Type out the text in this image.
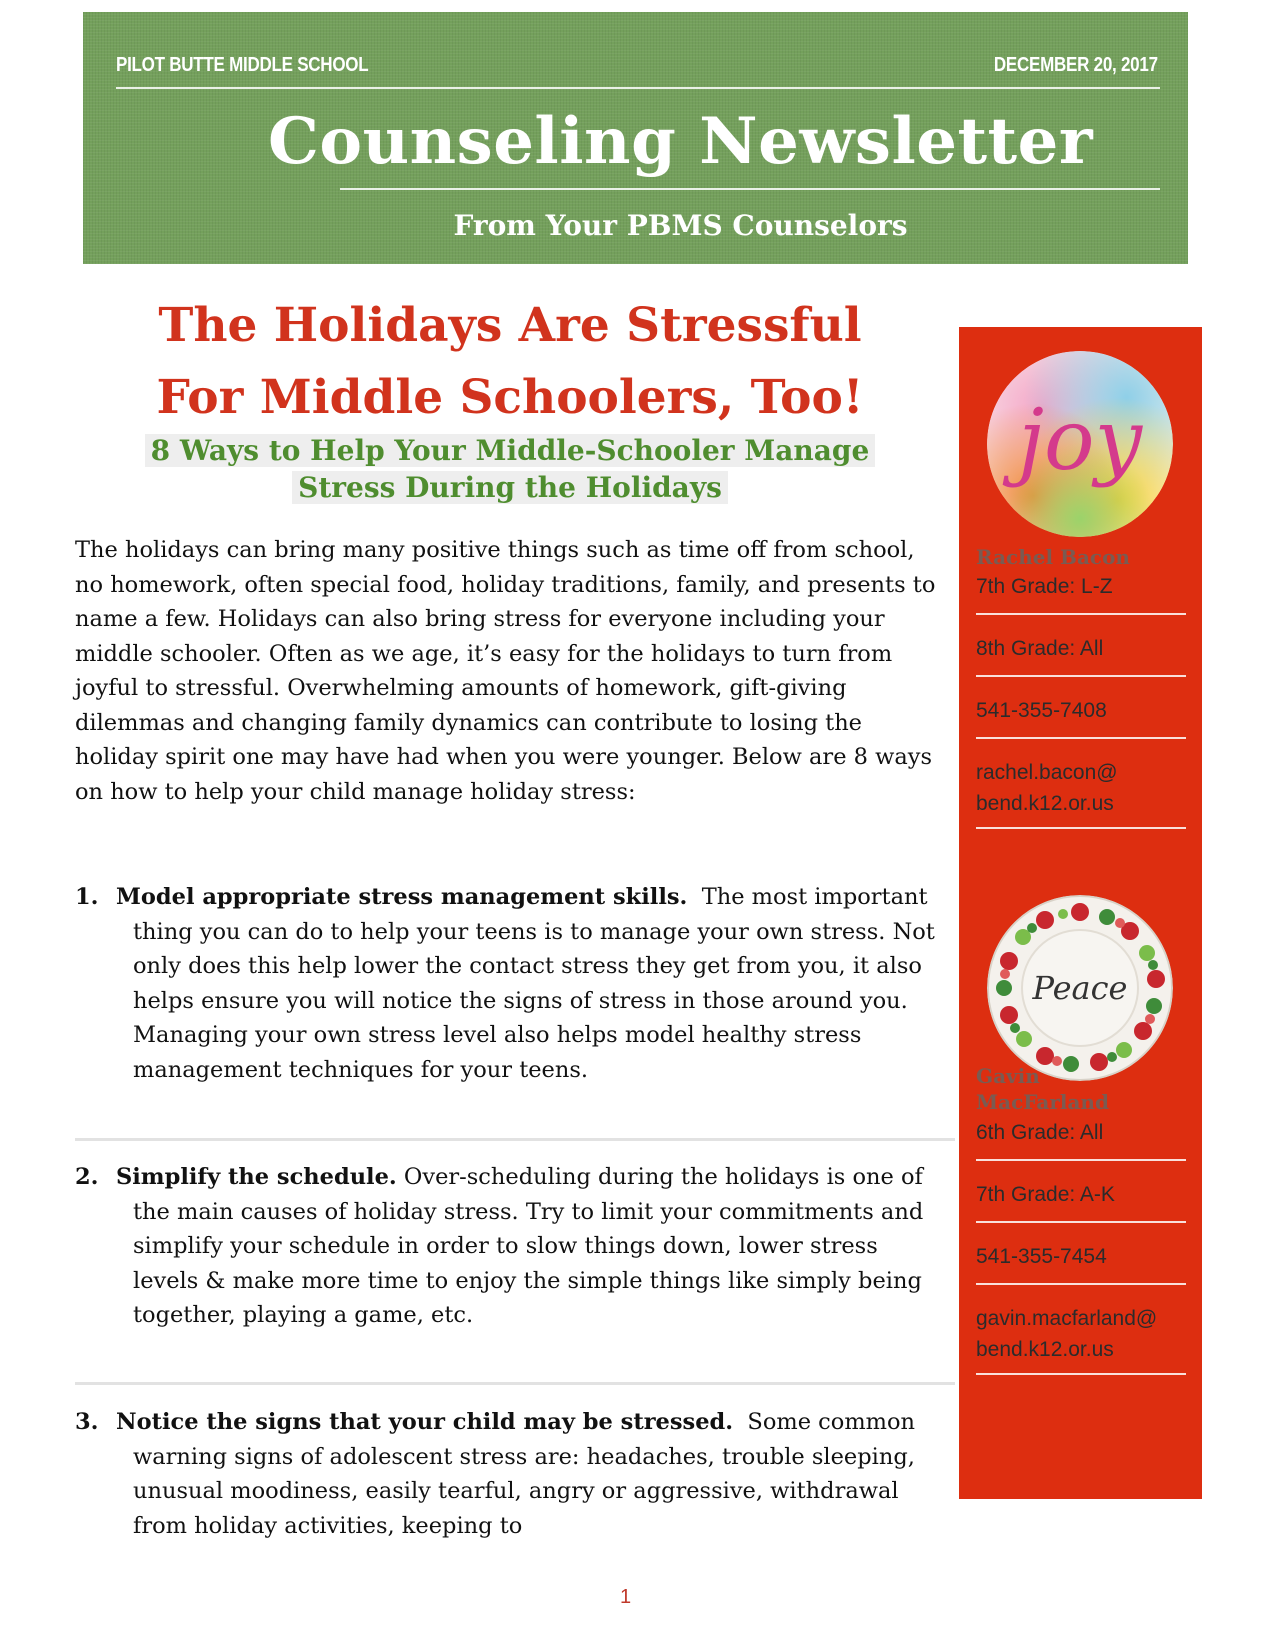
PILOT BUTTE MIDDLE SCHOOL	DECEMBER 20, 2017
Counseling Newsletter
From Your PBMS Counselors
The Holidays Are Stressful
For Middle Schoolers, Too!
8 Ways to Help Your Middle-Schooler Manage
Stress During the Holidays

The holidays can bring many positive things such as time off from school, no homework, often special food, holiday traditions, family, and presents to name a few. Holidays can also bring stress for everyone including your middle schooler. Often as we age, it’s easy for the holidays to turn from joyful to stressful. Overwhelming amounts of homework, gift-giving dilemmas and changing family dynamics can contribute to losing the holiday spirit one may have had when you were younger. Below are 8 ways on how to help your child manage holiday stress:

1. Model appropriate stress management skills. The most important thing you can do to help your teens is to manage your own stress. Not only does this help lower the contact stress they get from you, it also helps ensure you will notice the signs of stress in those around you. Managing your own stress level also helps model healthy stress management techniques for your teens.
2. Simplify the schedule. Over-scheduling during the holidays is one of the main causes of holiday stress. Try to limit your commitments and simplify your schedule in order to slow things down, lower stress levels & make more time to enjoy the simple things like simply being together, playing a game, etc.
3. Notice the signs that your child may be stressed. Some common warning signs of adolescent stress are: headaches, trouble sleeping, unusual moodiness, easily tearful, angry or aggressive, withdrawal from holiday activities, keeping to
1
joy
Rachel Bacon
7th Grade: L-Z
8th Grade: All
541-355-7408
rachel.bacon@
bend.k12.or.us
Peace
Gavin
MacFarland
6th Grade: All
7th Grade: A-K
541-355-7454
gavin.macfarland@
bend.k12.or.us
